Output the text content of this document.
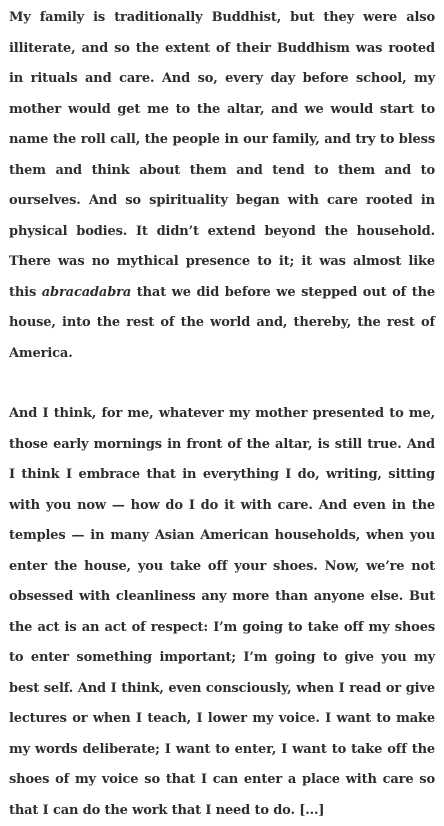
My family is traditionally Buddhist, but they were also illiterate, and so the extent of their Buddhism was rooted in rituals and care. And so, every day before school, my mother would get me to the altar, and we would start to name the roll call, the people in our family, and try to bless them and think about them and tend to them and to ourselves. And so spirituality began with care rooted in physical bodies. It didn’t extend beyond the household. There was no mythical presence to it; it was almost like this abracadabra that we did before we stepped out of the house, into the rest of the world and, thereby, the rest of America.

And I think, for me, whatever my mother presented to me, those early mornings in front of the altar, is still true. And I think I embrace that in everything I do, writing, sitting with you now — how do I do it with care. And even in the temples — in many Asian American households, when you enter the house, you take off your shoes. Now, we’re not obsessed with cleanliness any more than anyone else. But the act is an act of respect: I’m going to take off my shoes to enter something important; I’m going to give you my best self. And I think, even consciously, when I read or give lectures or when I teach, I lower my voice. I want to make my words deliberate; I want to enter, I want to take off the shoes of my voice so that I can enter a place with care so that I can do the work that I need to do. [...]
